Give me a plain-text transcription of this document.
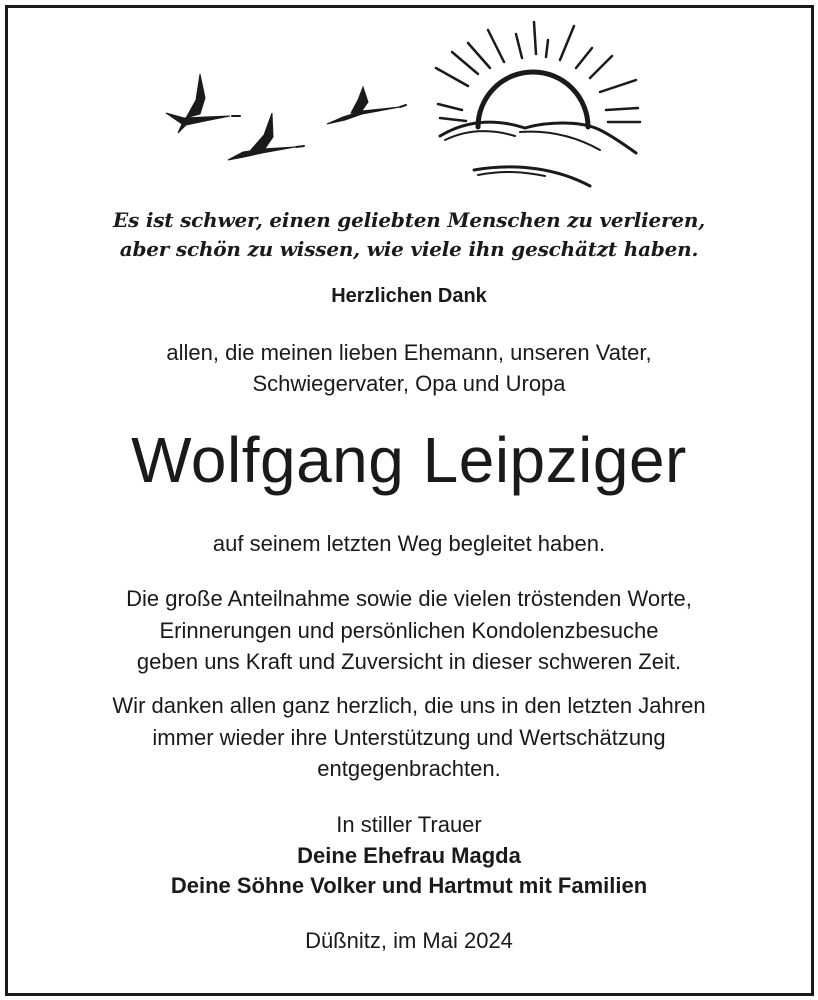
Es ist schwer, einen geliebten Menschen zu verlieren,
aber schön zu wissen, wie viele ihn geschätzt haben.
Herzlichen Dank
allen, die meinen lieben Ehemann, unseren Vater,
Schwiegervater, Opa und Uropa
Wolfgang Leipziger
auf seinem letzten Weg begleitet haben.
Die große Anteilnahme sowie die vielen tröstenden Worte,
Erinnerungen und persönlichen Kondolenzbesuche
geben uns Kraft und Zuversicht in dieser schweren Zeit.
Wir danken allen ganz herzlich, die uns in den letzten Jahren
immer wieder ihre Unterstützung und Wertschätzung
entgegenbrachten.
In stiller Trauer
Deine Ehefrau Magda
Deine Söhne Volker und Hartmut mit Familien
Düßnitz, im Mai 2024
